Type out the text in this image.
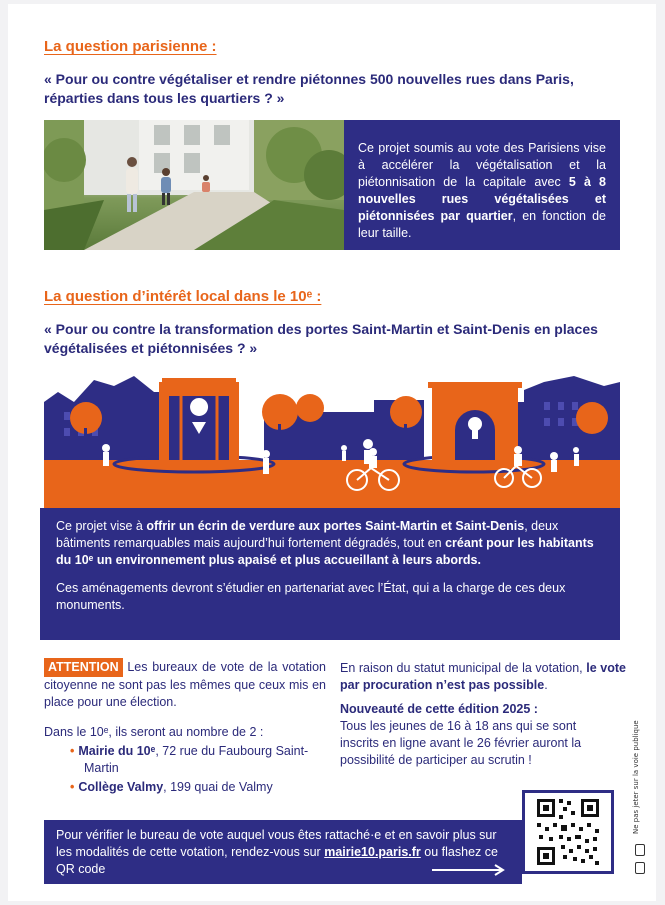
La question parisienne :
« Pour ou contre végétaliser et rendre piétonnes 500 nouvelles rues dans Paris, réparties dans tous les quartiers ? »
Ce projet soumis au vote des Parisiens vise à accélérer la végétalisation et la piétonnisation de la capitale avec 5 à 8 nouvelles rues végétalisées et piétonnisées par quartier, en fonction de leur taille.
La question d’intérêt local dans le 10ᵉ :
« Pour ou contre la transformation des portes Saint-Martin et Saint-Denis en places végétalisées et piétonnisées ? »
Ce projet vise à offrir un écrin de verdure aux portes Saint-Martin et Saint-Denis, deux bâtiments remarquables mais aujourd’hui fortement dégradés, tout en créant pour les habitants du 10ᵉ un environnement plus apaisé et plus accueillant à leurs abords.
Ces aménagements devront s’étudier en partenariat avec l’État, qui a la charge de ces deux monuments.
ATTENTION Les bureaux de vote de la votation citoyenne ne sont pas les mêmes que ceux mis en place pour une élection.
Dans le 10ᵉ, ils seront au nombre de 2 :
• Mairie du 10ᵉ, 72 rue du Faubourg Saint-Martin
• Collège Valmy, 199 quai de Valmy
En raison du statut municipal de la votation, le vote par procuration n’est pas possible.
Nouveauté de cette édition 2025 :
Tous les jeunes de 16 à 18 ans qui se sont inscrits en ligne avant le 26 février auront la possibilité de participer au scrutin !
Pour vérifier le bureau de vote auquel vous êtes rattaché·e et en savoir plus sur les modalités de cette votation, rendez-vous sur mairie10.paris.fr ou flashez ce QR code
Ne pas jeter sur la voie publique
